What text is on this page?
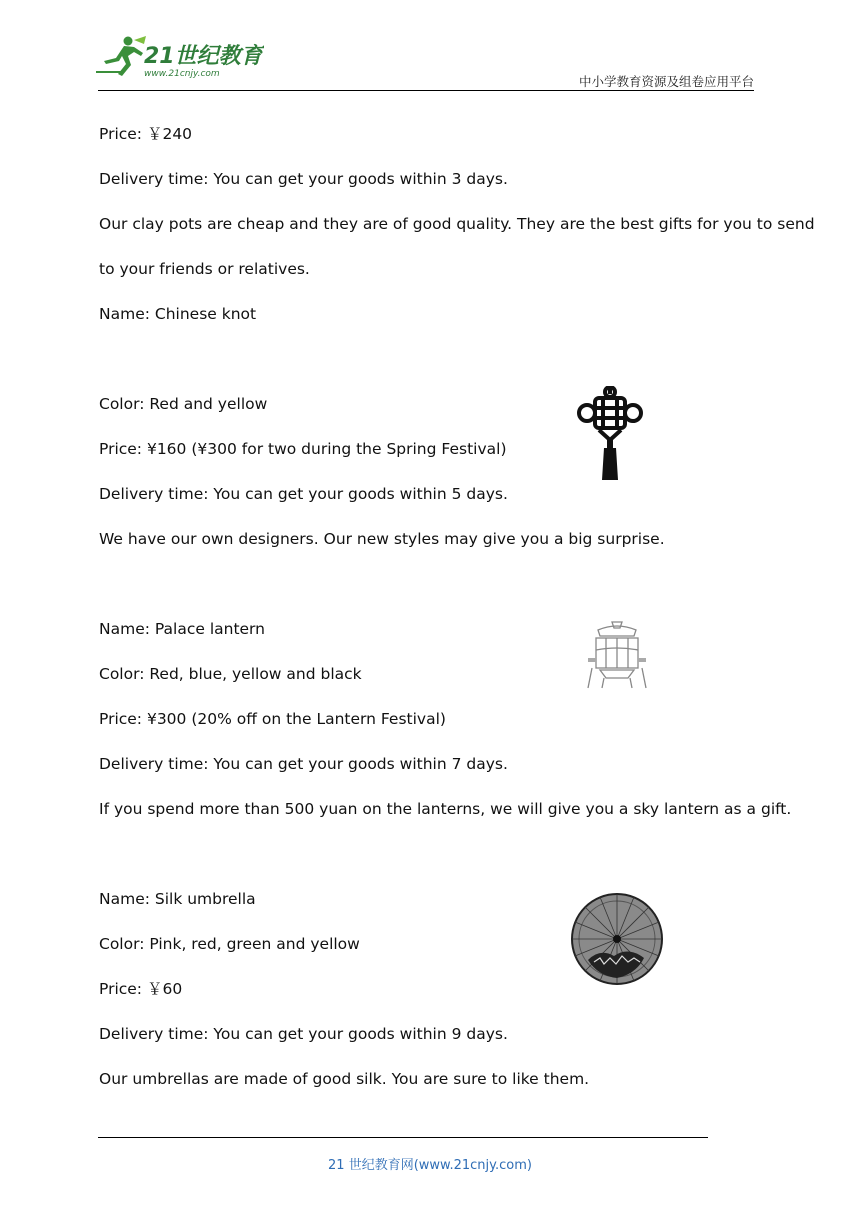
21世纪教育
www.21cnjy.com	中小学教育资源及组卷应用平台
Price: ￥240
Delivery time: You can get your goods within 3 days.
Our clay pots are cheap and they are of good quality. They are the best gifts for you to send
to your friends or relatives.
Name: Chinese knot
Color: Red and yellow
Price: ¥160 (¥300 for two during the Spring Festival)
Delivery time: You can get your goods within 5 days.
We have our own designers. Our new styles may give you a big surprise.
Name: Palace lantern
Color: Red, blue, yellow and black
Price: ¥300 (20% off on the Lantern Festival)
Delivery time: You can get your goods within 7 days.
If you spend more than 500 yuan on the lanterns, we will give you a sky lantern as a gift.
Name: Silk umbrella
Color: Pink, red, green and yellow
Price: ￥60
Delivery time: You can get your goods within 9 days.
Our umbrellas are made of good silk. You are sure to like them.
21 世纪教育网(www.21cnjy.com)
